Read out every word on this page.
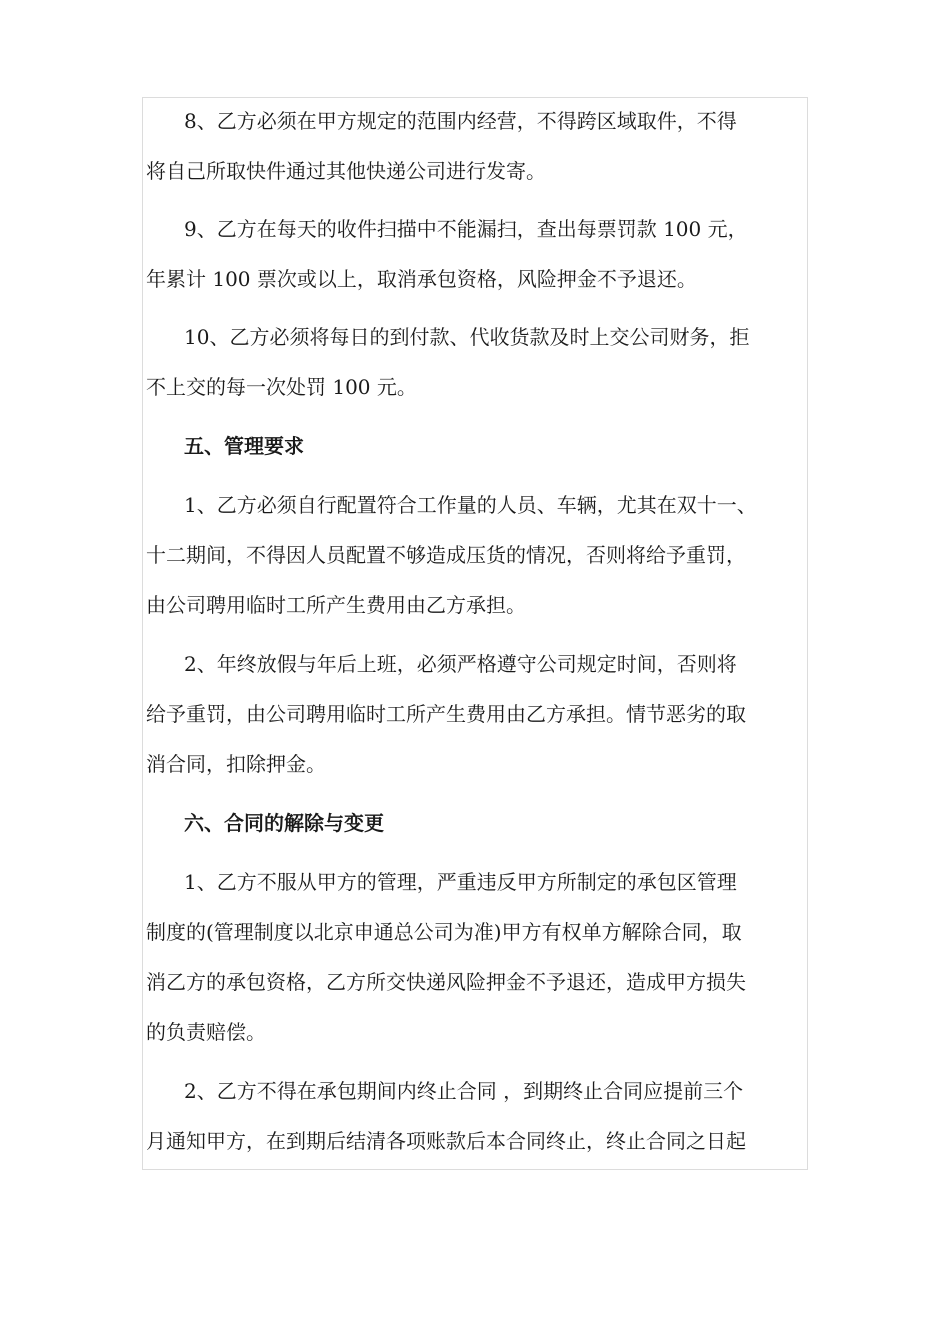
8、乙方必须在甲方规定的范围内经营，不得跨区域取件，不得
将自己所取快件通过其他快递公司进行发寄。
9、乙方在每天的收件扫描中不能漏扫，查出每票罚款 100 元，
年累计 100 票次或以上，取消承包资格，风险押金不予退还。
10、乙方必须将每日的到付款、代收货款及时上交公司财务，拒
不上交的每一次处罚 100 元。
五、管理要求
1、乙方必须自行配置符合工作量的人员、车辆，尤其在双十一、
十二期间，不得因人员配置不够造成压货的情况，否则将给予重罚，
由公司聘用临时工所产生费用由乙方承担。
2、年终放假与年后上班，必须严格遵守公司规定时间，否则将
给予重罚，由公司聘用临时工所产生费用由乙方承担。情节恶劣的取
消合同，扣除押金。
六、合同的解除与变更
1、乙方不服从甲方的管理，严重违反甲方所制定的承包区管理
制度的(管理制度以北京申通总公司为准)甲方有权单方解除合同，取
消乙方的承包资格，乙方所交快递风险押金不予退还，造成甲方损失
的负责赔偿。
2、乙方不得在承包期间内终止合同 ，到期终止合同应提前三个
月通知甲方，在到期后结清各项账款后本合同终止，终止合同之日起
